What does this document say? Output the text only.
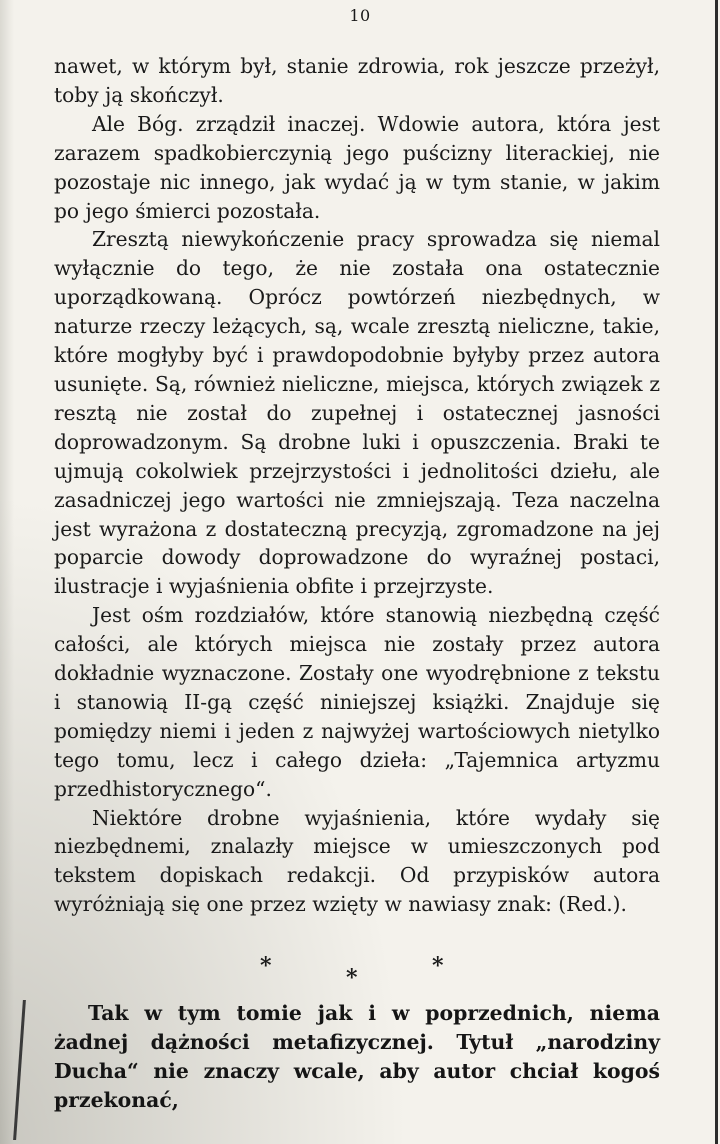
10

nawet, w którym był, stanie zdrowia, rok jeszcze przeżył, toby ją skończył.

Ale Bóg. zrządził inaczej. Wdowie autora, która jest zarazem spadkobierczynią jego puścizny literackiej, nie pozostaje nic innego, jak wydać ją w tym stanie, w jakim po jego śmierci pozostała.

Zresztą niewykończenie pracy sprowadza się niemal wyłącznie do tego, że nie została ona ostatecznie uporządkowaną. Oprócz powtórzeń niezbędnych, w naturze rzeczy leżących, są, wcale zresztą nieliczne, takie, które mogłyby być i prawdopodobnie byłyby przez autora usunięte. Są, również nieliczne, miejsca, których związek z resztą nie został do zupełnej i ostatecznej jasności doprowadzonym. Są drobne luki i opuszczenia. Braki te ujmują cokolwiek przejrzystości i jednolitości dziełu, ale zasadniczej jego wartości nie zmniejszają. Teza naczelna jest wyrażona z dostateczną precyzją, zgromadzone na jej poparcie dowody doprowadzone do wyraźnej postaci, ilustracje i wyjaśnienia obfite i przejrzyste.

Jest ośm rozdziałów, które stanowią niezbędną część całości, ale których miejsca nie zostały przez autora dokładnie wyznaczone. Zostały one wyodrębnione z tekstu i stanowią II-gą część niniejszej książki. Znajduje się pomiędzy niemi i jeden z najwyżej wartościowych nietylko tego tomu, lecz i całego dzieła: „Tajemnica artyzmu przedhistorycznego“.

Niektóre drobne wyjaśnienia, które wydały się niezbędnemi, znalazły miejsce w umieszczonych pod tekstem dopiskach redakcji. Od przypisków autora wyróżniają się one przez wzięty w nawiasy znak: (Red.).

*	*	*

Tak w tym tomie jak i w poprzednich, niema żadnej dążności metafizycznej. Tytuł „narodziny Ducha“ nie znaczy wcale, aby autor chciał kogoś przekonać,
